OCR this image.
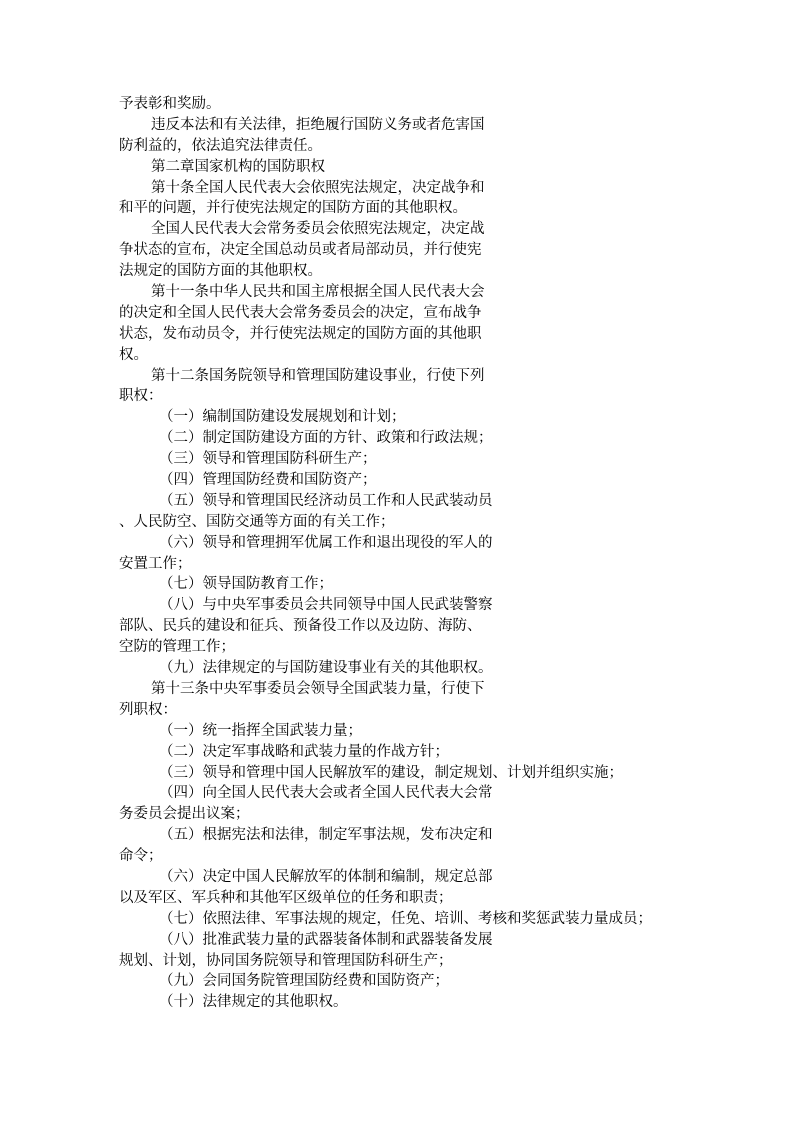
予表彰和奖励。
违反本法和有关法律，拒绝履行国防义务或者危害国
防利益的，依法追究法律责任。
第二章国家机构的国防职权
第十条全国人民代表大会依照宪法规定，决定战争和
和平的问题，并行使宪法规定的国防方面的其他职权。
全国人民代表大会常务委员会依照宪法规定，决定战
争状态的宣布，决定全国总动员或者局部动员，并行使宪
法规定的国防方面的其他职权。
第十一条中华人民共和国主席根据全国人民代表大会
的决定和全国人民代表大会常务委员会的决定，宣布战争
状态，发布动员令，并行使宪法规定的国防方面的其他职
权。
第十二条国务院领导和管理国防建设事业，行使下列
职权：
（一）编制国防建设发展规划和计划；
（二）制定国防建设方面的方针、政策和行政法规；
（三）领导和管理国防科研生产；
（四）管理国防经费和国防资产；
（五）领导和管理国民经济动员工作和人民武装动员
、人民防空、国防交通等方面的有关工作；
（六）领导和管理拥军优属工作和退出现役的军人的
安置工作；
（七）领导国防教育工作；
（八）与中央军事委员会共同领导中国人民武装警察
部队、民兵的建设和征兵、预备役工作以及边防、海防、
空防的管理工作；
（九）法律规定的与国防建设事业有关的其他职权。
第十三条中央军事委员会领导全国武装力量，行使下
列职权：
（一）统一指挥全国武装力量；
（二）决定军事战略和武装力量的作战方针；
（三）领导和管理中国人民解放军的建设，制定规划、计划并组织实施；
（四）向全国人民代表大会或者全国人民代表大会常
务委员会提出议案；
（五）根据宪法和法律，制定军事法规，发布决定和
命令；
（六）决定中国人民解放军的体制和编制，规定总部
以及军区、军兵种和其他军区级单位的任务和职责；
（七）依照法律、军事法规的规定，任免、培训、考核和奖惩武装力量成员；
（八）批准武装力量的武器装备体制和武器装备发展
规划、计划，协同国务院领导和管理国防科研生产；
（九）会同国务院管理国防经费和国防资产；
（十）法律规定的其他职权。
